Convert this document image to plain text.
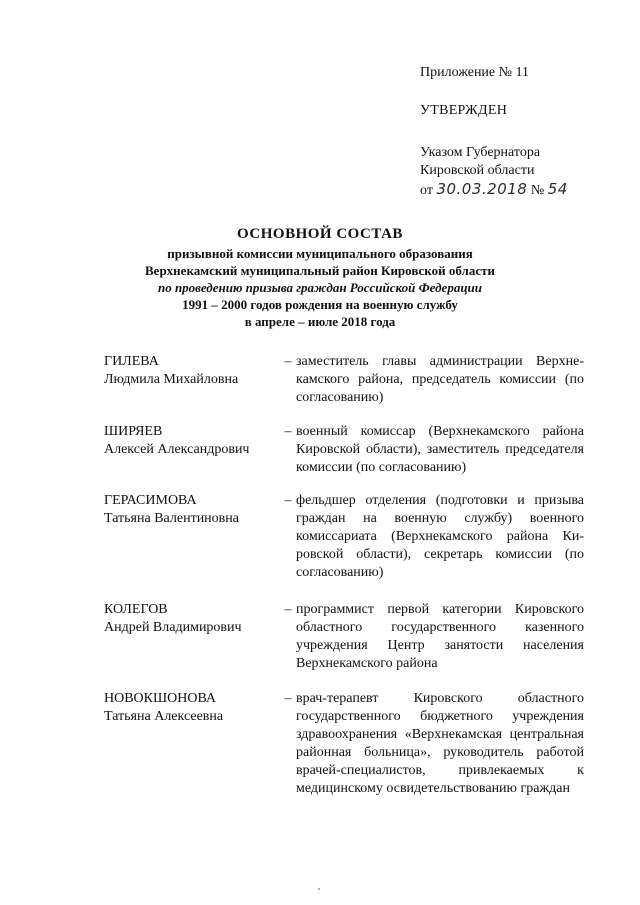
Приложение № 11
УТВЕРЖДЕН
Указом Губернатора
Кировской области
от 30.03.2018 № 54
ОСНОВНОЙ СОСТАВ
призывной комиссии муниципального образования
Верхнекамский муниципальный район Кировской области
по проведению призыва граждан Российской Федерации
1991 – 2000 годов рождения на военную службу
в апреле – июле 2018 года
ГИЛЕВА
Людмила Михайловна
– заместитель главы администрации Верхнекамского района, председатель комиссии (по согласованию)
ШИРЯЕВ
Алексей Александрович
– военный комиссар (Верхнекамского района Кировской области), заместитель председателя комиссии (по согласованию)
ГЕРАСИМОВА
Татьяна Валентиновна
– фельдшер отделения (подготовки и призыва граждан на военную службу) военного комиссариата (Верхнекамского района Кировской области), секретарь комиссии (по согласованию)
КОЛЕГОВ
Андрей Владимирович
– программист первой категории Кировского областного государственного казенного учреждения Центр занятости населения Верхнекамского района
НОВОКШОНОВА
Татьяна Алексеевна
– врач-терапевт Кировского областного государственного бюджетного учреждения здравоохранения «Верхнекамская центральная районная больница», руководитель работой врачей-специалистов, привлекаемых к медицинскому освидетельствованию граждан
